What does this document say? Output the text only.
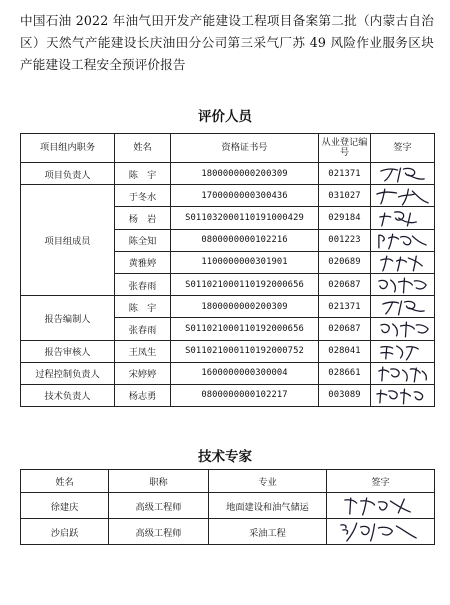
中国石油 2022 年油气田开发产能建设工程项目备案第二批（内蒙古自治区）天然气产能建设长庆油田分公司第三采气厂苏 49 风险作业服务区块产能建设工程安全预评价报告
评价人员
项目组内职务	姓名	资格证书号	从业登记编号	签字
项目负责人	陈　宇	1800000000200309	021371	

项目组成员	于冬水	1700000000300436	031027	

	杨　岩	S011032000110191000429	029184	

	陈全知	0800000000102216	001223	

	黄雅婷	1100000000301901	020689	

	张春雨	S011021000110192000656	020687	

报告编制人	陈　宇	1800000000200309	021371	

	张春雨	S011021000110192000656	020687	

报告审核人	王凤生	S011021000110192000752	028041	

过程控制负责人	宋婷婷	1600000000300004	028661	

技术负责人	杨志勇	0800000000102217	003089	
技术专家
姓名	职称	专业	签字
徐建庆	高级工程师	地面建设和油气储运	

沙启跃	高级工程师	采油工程	
